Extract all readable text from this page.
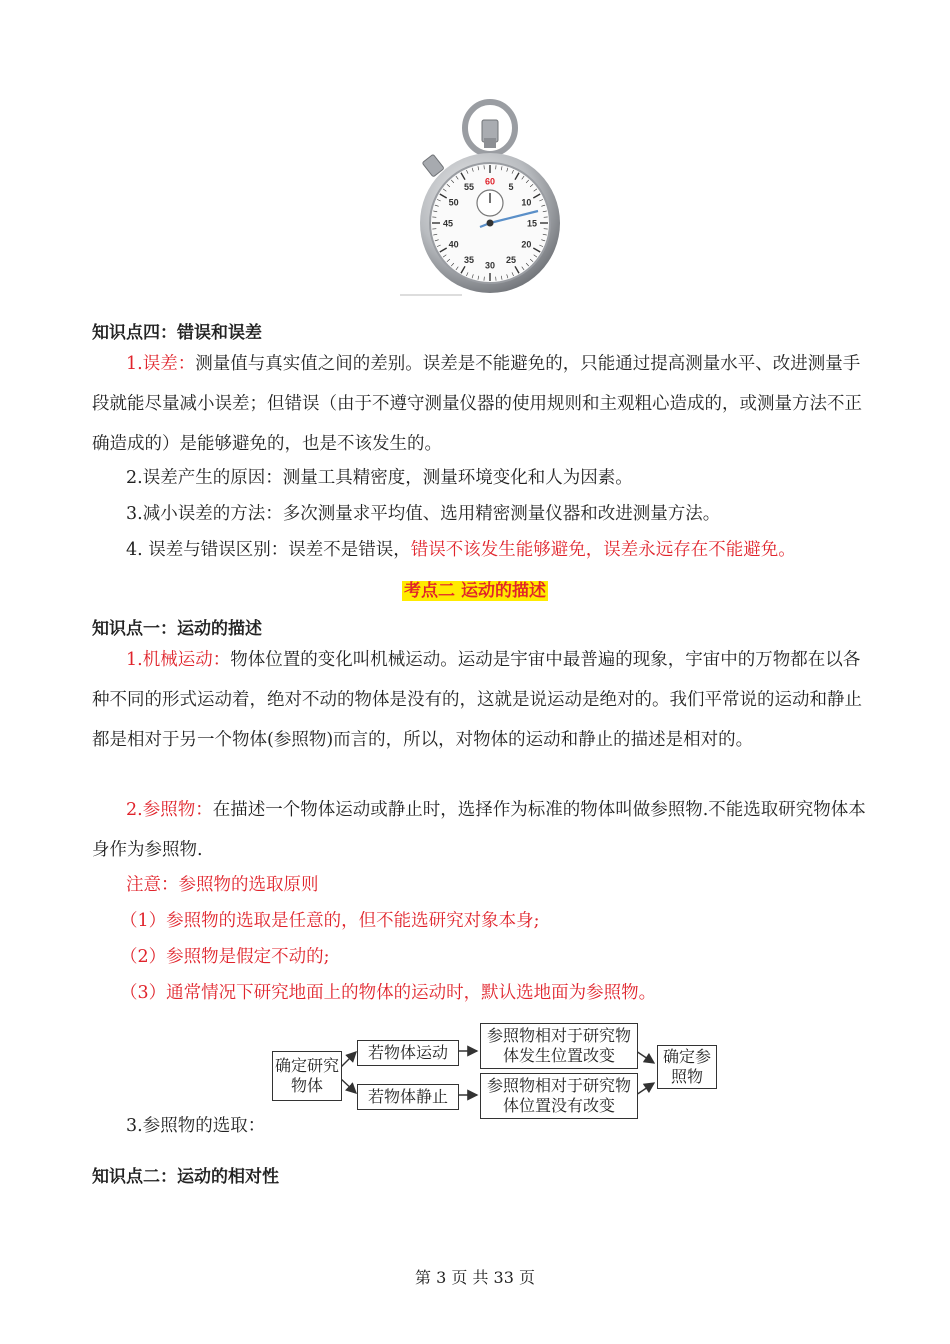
60
5
10
15
20
25
30
35
40
45
50
55
知识点四：错误和误差
1.误差：测量值与真实值之间的差别。误差是不能避免的，只能通过提高测量水平、改进测量手段就能尽量减小误差；但错误（由于不遵守测量仪器的使用规则和主观粗心造成的，或测量方法不正确造成的）是能够避免的，也是不该发生的。
2.误差产生的原因：测量工具精密度，测量环境变化和人为因素。
3.减小误差的方法：多次测量求平均值、选用精密测量仪器和改进测量方法。
4. 误差与错误区别：误差不是错误，错误不该发生能够避免，误差永远存在不能避免。
考点二 运动的描述
知识点一：运动的描述
1.机械运动：物体位置的变化叫机械运动。运动是宇宙中最普遍的现象，宇宙中的万物都在以各种不同的形式运动着，绝对不动的物体是没有的，这就是说运动是绝对的。我们平常说的运动和静止都是相对于另一个物体(参照物)而言的，所以，对物体的运动和静止的描述是相对的。
2.参照物：在描述一个物体运动或静止时，选择作为标准的物体叫做参照物.不能选取研究物体本身作为参照物.
注意：参照物的选取原则
（1）参照物的选取是任意的，但不能选研究对象本身;
（2）参照物是假定不动的;
（3）通常情况下研究地面上的物体的运动时，默认选地面为参照物。
确定研究物体
若物体运动
若物体静止
参照物相对于研究物体发生位置改变
参照物相对于研究物体位置没有改变
确定参照物
3.参照物的选取：
知识点二：运动的相对性
第 3 页 共 33 页
